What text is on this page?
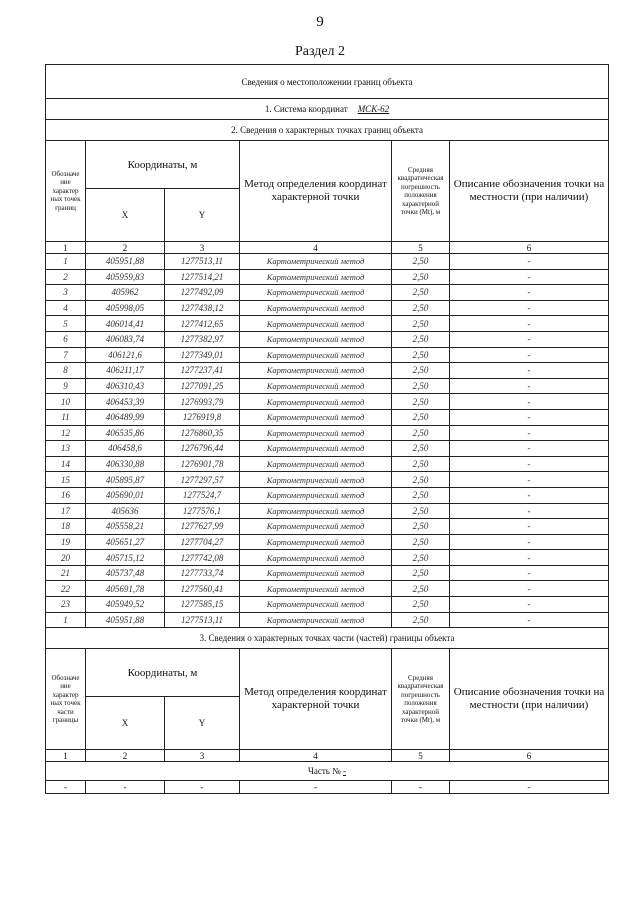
9
Раздел 2
Сведения о местоположении границ объекта					
1. Система координат МСК-62					
2. Сведения о характерных точках границ объекта					
Обозначе ние характер ных точек границ	Координаты, м		Метод определения координат характерной точки	Средняя квадратическая погрешность положения характерной точки (Mt), м	Описание обозначения точки на местности (при наличии)
	X	Y			
1	2	3	4	5	6
1	405951,88	1277513,11	Картометрический метод	2,50	-
2	405959,83	1277514,21	Картометрический метод	2,50	-
3	405962	1277492,09	Картометрический метод	2,50	-
4	405998,05	1277438,12	Картометрический метод	2,50	-
5	406014,41	1277412,65	Картометрический метод	2,50	-
6	406083,74	1277382,97	Картометрический метод	2,50	-
7	406121,6	1277349,01	Картометрический метод	2,50	-
8	406211,17	1277237,41	Картометрический метод	2,50	-
9	406310,43	1277091,25	Картометрический метод	2,50	-
10	406453,39	1276993,79	Картометрический метод	2,50	-
11	406489,99	1276919,8	Картометрический метод	2,50	-
12	406535,86	1276860,35	Картометрический метод	2,50	-
13	406458,6	1276796,44	Картометрический метод	2,50	-
14	406330,88	1276901,78	Картометрический метод	2,50	-
15	405895,87	1277297,57	Картометрический метод	2,50	-
16	405690,01	1277524,7	Картометрический метод	2,50	-
17	405636	1277576,1	Картометрический метод	2,50	-
18	405558,21	1277627,99	Картометрический метод	2,50	-
19	405651,27	1277704,27	Картометрический метод	2,50	-
20	405715,12	1277742,08	Картометрический метод	2,50	-
21	405737,48	1277733,74	Картометрический метод	2,50	-
22	405691,78	1277560,41	Картометрический метод	2,50	-
23	405949,52	1277585,15	Картометрический метод	2,50	-
1	405951,88	1277513,11	Картометрический метод	2,50	-
3. Сведения о характерных точках части (частей) границы объекта					
Обозначе ние характер ных точек части границы	Координаты, м		Метод определения координат характерной точки	Средняя квадратическая погрешность положения характерной точки (Mt), м	Описание обозначения точки на местности (при наличии)
	X	Y			
1	2	3	4	5	6
Часть № -					
-	-	-	-	-	-
